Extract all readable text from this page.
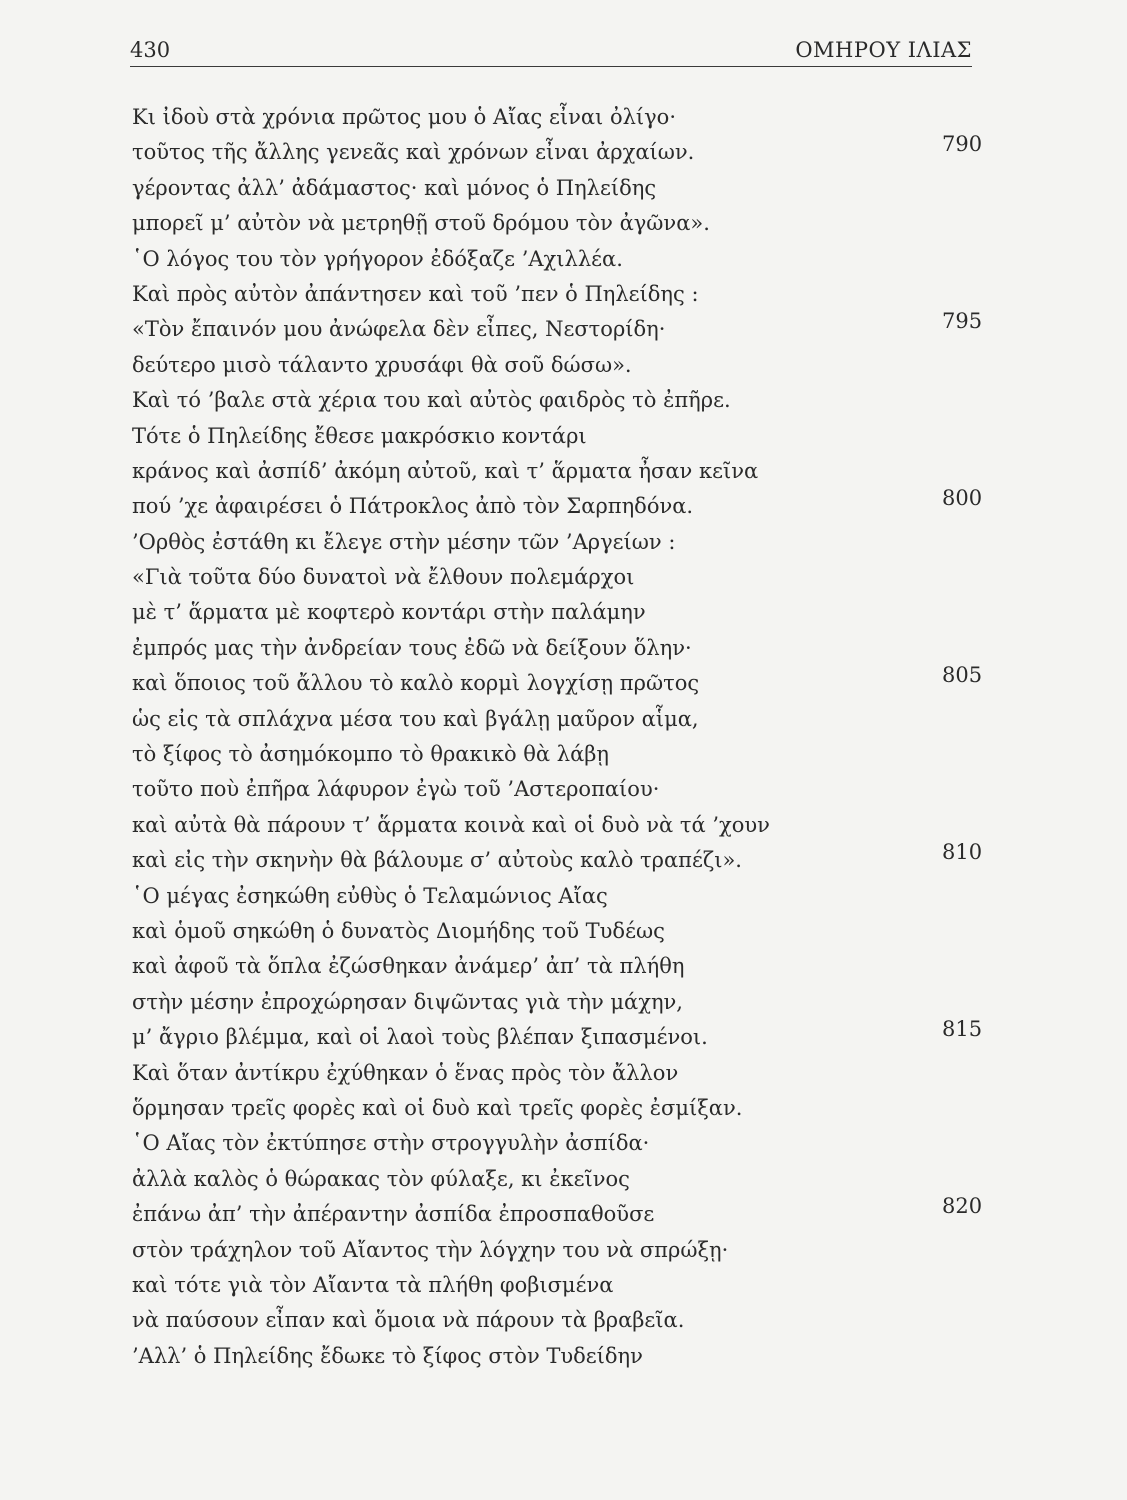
430	ΟΜΗΡΟΥ ΙΛΙΑΣ
Κι ἰδοὺ στὰ χρόνια πρῶτος μου ὁ Αἴας εἶναι ὀλίγο·
τοῦτος τῆς ἄλλης γενεᾶς καὶ χρόνων εἶναι ἀρχαίων.	790
γέροντας ἀλλ’ ἀδάμαστος· καὶ μόνος ὁ Πηλείδης
μπορεῖ μ’ αὐτὸν νὰ μετρηθῇ στοῦ δρόμου τὸν ἀγῶνα».
῾Ο λόγος του τὸν γρήγορον ἐδόξαζε ’Αχιλλέα.
Καὶ πρὸς αὐτὸν ἀπάντησεν καὶ τοῦ ’πεν ὁ Πηλείδης :
«Τὸν ἔπαινόν μου ἀνώφελα δὲν εἶπες, Νεστορίδη·	795
δεύτερο μισὸ τάλαντο χρυσάφι θὰ σοῦ δώσω».
Καὶ τό ’βαλε στὰ χέρια του καὶ αὐτὸς φαιδρὸς τὸ ἐπῆρε.
Τότε ὁ Πηλείδης ἔθεσε μακρόσκιο κοντάρι
κράνος καὶ ἀσπίδ’ ἀκόμη αὐτοῦ, καὶ τ’ ἅρματα ἦσαν κεῖνα
πού ’χε ἀφαιρέσει ὁ Πάτροκλος ἀπὸ τὸν Σαρπηδόνα.	800
’Ορθὸς ἐστάθη κι ἔλεγε στὴν μέσην τῶν ’Αργείων :
«Γιὰ τοῦτα δύο δυνατοὶ νὰ ἔλθουν πολεμάρχοι
μὲ τ’ ἅρματα μὲ κοφτερὸ κοντάρι στὴν παλάμην
ἐμπρός μας τὴν ἀνδρείαν τους ἐδῶ νὰ δείξουν ὅλην·
καὶ ὅποιος τοῦ ἄλλου τὸ καλὸ κορμὶ λογχίσῃ πρῶτος	805
ὡς εἰς τὰ σπλάχνα μέσα του καὶ βγάλῃ μαῦρον αἷμα,
τὸ ξίφος τὸ ἀσημόκομπο τὸ θρακικὸ θὰ λάβῃ
τοῦτο ποὺ ἐπῆρα λάφυρον ἐγὼ τοῦ ’Αστεροπαίου·
καὶ αὐτὰ θὰ πάρουν τ’ ἅρματα κοινὰ καὶ οἱ δυὸ νὰ τά ’χουν
καὶ εἰς τὴν σκηνὴν θὰ βάλουμε σ’ αὐτοὺς καλὸ τραπέζι».	810
῾Ο μέγας ἐσηκώθη εὐθὺς ὁ Τελαμώνιος Αἴας
καὶ ὁμοῦ σηκώθη ὁ δυνατὸς Διομήδης τοῦ Τυδέως
καὶ ἀφοῦ τὰ ὅπλα ἐζώσθηκαν ἀνάμερ’ ἀπ’ τὰ πλήθη
στὴν μέσην ἐπροχώρησαν διψῶντας γιὰ τὴν μάχην,
μ’ ἄγριο βλέμμα, καὶ οἱ λαοὶ τοὺς βλέπαν ξιπασμένοι.	815
Καὶ ὅταν ἀντίκρυ ἐχύθηκαν ὁ ἕνας πρὸς τὸν ἄλλον
ὅρμησαν τρεῖς φορὲς καὶ οἱ δυὸ καὶ τρεῖς φορὲς ἐσμίξαν.
῾Ο Αἴας τὸν ἐκτύπησε στὴν στρογγυλὴν ἀσπίδα·
ἀλλὰ καλὸς ὁ θώρακας τὸν φύλαξε, κι ἐκεῖνος
ἐπάνω ἀπ’ τὴν ἀπέραντην ἀσπίδα ἐπροσπαθοῦσε	820
στὸν τράχηλον τοῦ Αἴαντος τὴν λόγχην του νὰ σπρώξῃ·
καὶ τότε γιὰ τὸν Αἴαντα τὰ πλήθη φοβισμένα
νὰ παύσουν εἶπαν καὶ ὅμοια νὰ πάρουν τὰ βραβεῖα.
’Αλλ’ ὁ Πηλείδης ἔδωκε τὸ ξίφος στὸν Τυδείδην
